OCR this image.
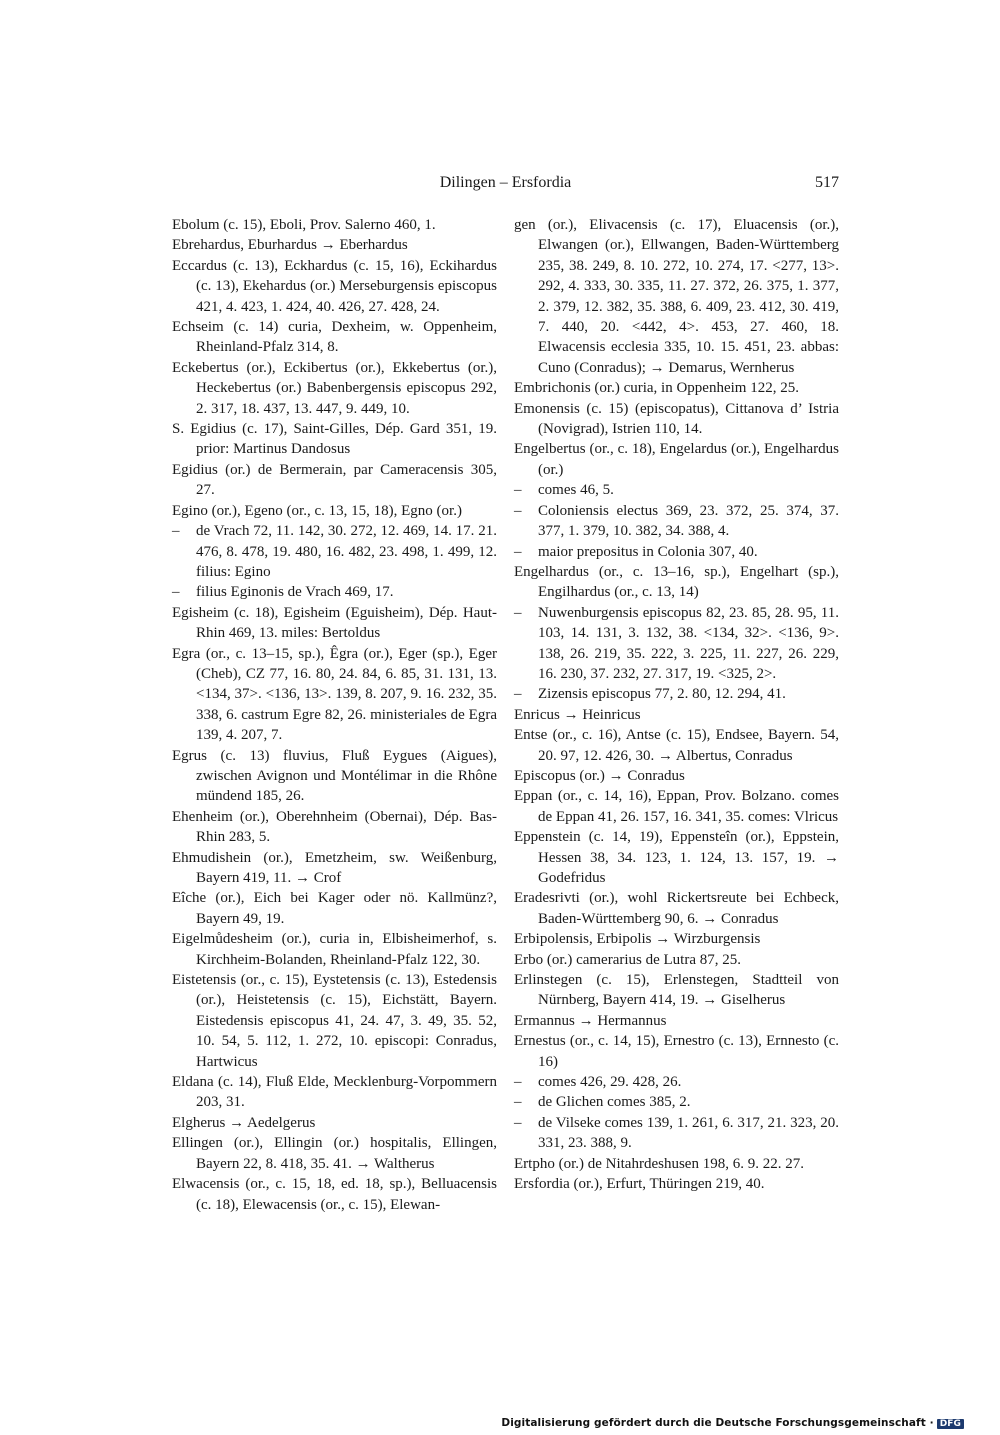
Dilingen – Ersfordia	517

Ebolum (c. 15), Eboli, Prov. Salerno 460, 1.

Ebrehardus, Eburhardus → Eberhardus

Eccardus (c. 13), Eckhardus (c. 15, 16), Eckihardus (c. 13), Ekehardus (or.) Merseburgensis episcopus 421, 4. 423, 1. 424, 40. 426, 27. 428, 24.

Echseim (c. 14) curia, Dexheim, w. Oppenheim, Rheinland-Pfalz 314, 8.

Eckebertus (or.), Eckibertus (or.), Ekkebertus (or.), Heckebertus (or.) Babenbergensis episcopus 292, 2. 317, 18. 437, 13. 447, 9. 449, 10.

S. Egidius (c. 17), Saint-Gilles, Dép. Gard 351, 19. prior: Martinus Dandosus

Egidius (or.) de Bermerain, par Cameracensis 305, 27.

Egino (or.), Egeno (or., c. 13, 15, 18), Egno (or.)

– de Vrach 72, 11. 142, 30. 272, 12. 469, 14. 17. 21. 476, 8. 478, 19. 480, 16. 482, 23. 498, 1. 499, 12. filius: Egino

– filius Eginonis de Vrach 469, 17.

Egisheim (c. 18), Egisheim (Eguisheim), Dép. Haut-Rhin 469, 13. miles: Bertoldus

Egra (or., c. 13–15, sp.), Êgra (or.), Eger (sp.), Eger (Cheb), CZ 77, 16. 80, 24. 84, 6. 85, 31. 131, 13. <134, 37>. <136, 13>. 139, 8. 207, 9. 16. 232, 35. 338, 6. castrum Egre 82, 26. ministeriales de Egra 139, 4. 207, 7.

Egrus (c. 13) fluvius, Fluß Eygues (Aigues), zwischen Avignon und Montélimar in die Rhône mündend 185, 26.

Ehenheim (or.), Oberehnheim (Obernai), Dép. Bas-Rhin 283, 5.

Ehmudishein (or.), Emetzheim, sw. Weißenburg, Bayern 419, 11. → Crof

Eîche (or.), Eich bei Kager oder nö. Kallmünz?, Bayern 49, 19.

Eigelmůdesheim (or.), curia in, Elbisheimerhof, s. Kirchheim-Bolanden, Rheinland-Pfalz 122, 30.

Eistetensis (or., c. 15), Eystetensis (c. 13), Estedensis (or.), Heistetensis (c. 15), Eichstätt, Bayern. Eistedensis episcopus 41, 24. 47, 3. 49, 35. 52, 10. 54, 5. 112, 1. 272, 10. episcopi: Conradus, Hartwicus

Eldana (c. 14), Fluß Elde, Mecklenburg-Vorpommern 203, 31.

Elgherus → Aedelgerus

Ellingen (or.), Ellingin (or.) hospitalis, Ellingen, Bayern 22, 8. 418, 35. 41. → Waltherus

Elwacensis (or., c. 15, 18, ed. 18, sp.), Belluacensis (c. 18), Elewacensis (or., c. 15), Elewan-

gen (or.), Elivacensis (c. 17), Eluacensis (or.), Elwangen (or.), Ellwangen, Baden-Württemberg 235, 38. 249, 8. 10. 272, 10. 274, 17. <277, 13>. 292, 4. 333, 30. 335, 11. 27. 372, 26. 375, 1. 377, 2. 379, 12. 382, 35. 388, 6. 409, 23. 412, 30. 419, 7. 440, 20. <442, 4>. 453, 27. 460, 18. Elwacensis ecclesia 335, 10. 15. 451, 23. abbas: Cuno (Conradus); → Demarus, Wernherus

Embrichonis (or.) curia, in Oppenheim 122, 25.

Emonensis (c. 15) (episcopatus), Cittanova d’ Istria (Novigrad), Istrien 110, 14.

Engelbertus (or., c. 18), Engelardus (or.), Engelhardus (or.)

– comes 46, 5.

– Coloniensis electus 369, 23. 372, 25. 374, 37. 377, 1. 379, 10. 382, 34. 388, 4.

– maior prepositus in Colonia 307, 40.

Engelhardus (or., c. 13–16, sp.), Engelhart (sp.), Engilhardus (or., c. 13, 14)

– Nuwenburgensis episcopus 82, 23. 85, 28. 95, 11. 103, 14. 131, 3. 132, 38. <134, 32>. <136, 9>. 138, 26. 219, 35. 222, 3. 225, 11. 227, 26. 229, 16. 230, 37. 232, 27. 317, 19. <325, 2>.

– Zizensis episcopus 77, 2. 80, 12. 294, 41.

Enricus → Heinricus

Entse (or., c. 16), Antse (c. 15), Endsee, Bayern. 54, 20. 97, 12. 426, 30. → Albertus, Conradus

Episcopus (or.) → Conradus

Eppan (or., c. 14, 16), Eppan, Prov. Bolzano. comes de Eppan 41, 26. 157, 16. 341, 35. comes: Vlricus

Eppenstein (c. 14, 19), Eppensteîn (or.), Eppstein, Hessen 38, 34. 123, 1. 124, 13. 157, 19. → Godefridus

Eradesrivti (or.), wohl Rickertsreute bei Echbeck, Baden-Württemberg 90, 6. → Conradus

Erbipolensis, Erbipolis → Wirzburgensis

Erbo (or.) camerarius de Lutra 87, 25.

Erlinstegen (c. 15), Erlenstegen, Stadtteil von Nürnberg, Bayern 414, 19. → Giselherus

Ermannus → Hermannus

Ernestus (or., c. 14, 15), Ernestro (c. 13), Ernnesto (c. 16)

– comes 426, 29. 428, 26.

– de Glichen comes 385, 2.

– de Vilseke comes 139, 1. 261, 6. 317, 21. 323, 20. 331, 23. 388, 9.

Ertpho (or.) de Nitahrdeshusen 198, 6. 9. 22. 27.

Ersfordia (or.), Erfurt, Thüringen 219, 40.

Digitalisierung gefördert durch die Deutsche Forschungsgemeinschaft · DFG
